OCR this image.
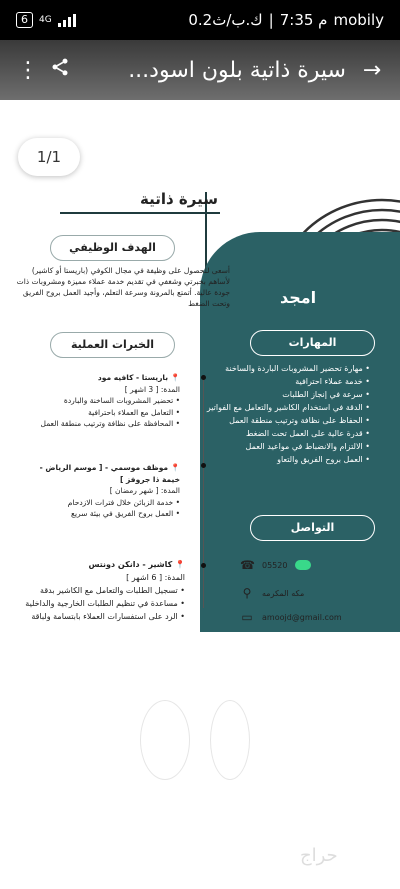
6	4G	0.2ك.ب/ث | 7:35 م mobily
⋮	سيرة ذاتية بلون اسود... →
1/1
سيرة ذاتية
امجد
الهدف الوظيفي
أسعى للحصول على وظيفة في مجال الكوفي (باريستا أو كاشير) لأساهم بخبرتي وشغفي في تقديم خدمة عملاء مميزة ومشروبات ذات جودة عالية. أتمتع بالمرونة وسرعة التعلم، وأجيد العمل بروح الفريق وتحت الضغط
الخبرات العملية	المهارات
• مهارة تحضير المشروبات الباردة والساخنة
• خدمة عملاء احترافية
• سرعة في إنجاز الطلبات
• الدقة في استخدام الكاشير والتعامل مع الفواتير
• الحفاظ على نظافة وترتيب منطقة العمل
• قدرة عالية على العمل تحت الضغط
• الالتزام والانضباط في مواعيد العمل
• العمل بروح الفريق والتعاو
التواصل
☎ 05520
⚲	مكه المكرمه
▭ amoojd@gmail.com
📍 باريستا - كافيه مود
المدة: [ 3 اشهر ]
• تحضير المشروبات الساخنة والباردة
• التعامل مع العملاء باحترافية
• المحافظة على نظافة وترتيب منطقة العمل
📍 موظف موسمي - [ موسم الرياض - خيمة ذا جروفز ]
المدة: [ شهر رمضان ]
• خدمة الزبائن خلال فترات الازدحام
• العمل بروح الفريق في بيئة سريع
📍 كاشير - دانكن دونتس
المدة: [ 6 اشهر ]
• تسجيل الطلبات والتعامل مع الكاشير بدقة
• مساعدة في تنظيم الطلبات الخارجية والداخلية
• الرد على استفسارات العملاء بابتسامة ولباقة
حراج
